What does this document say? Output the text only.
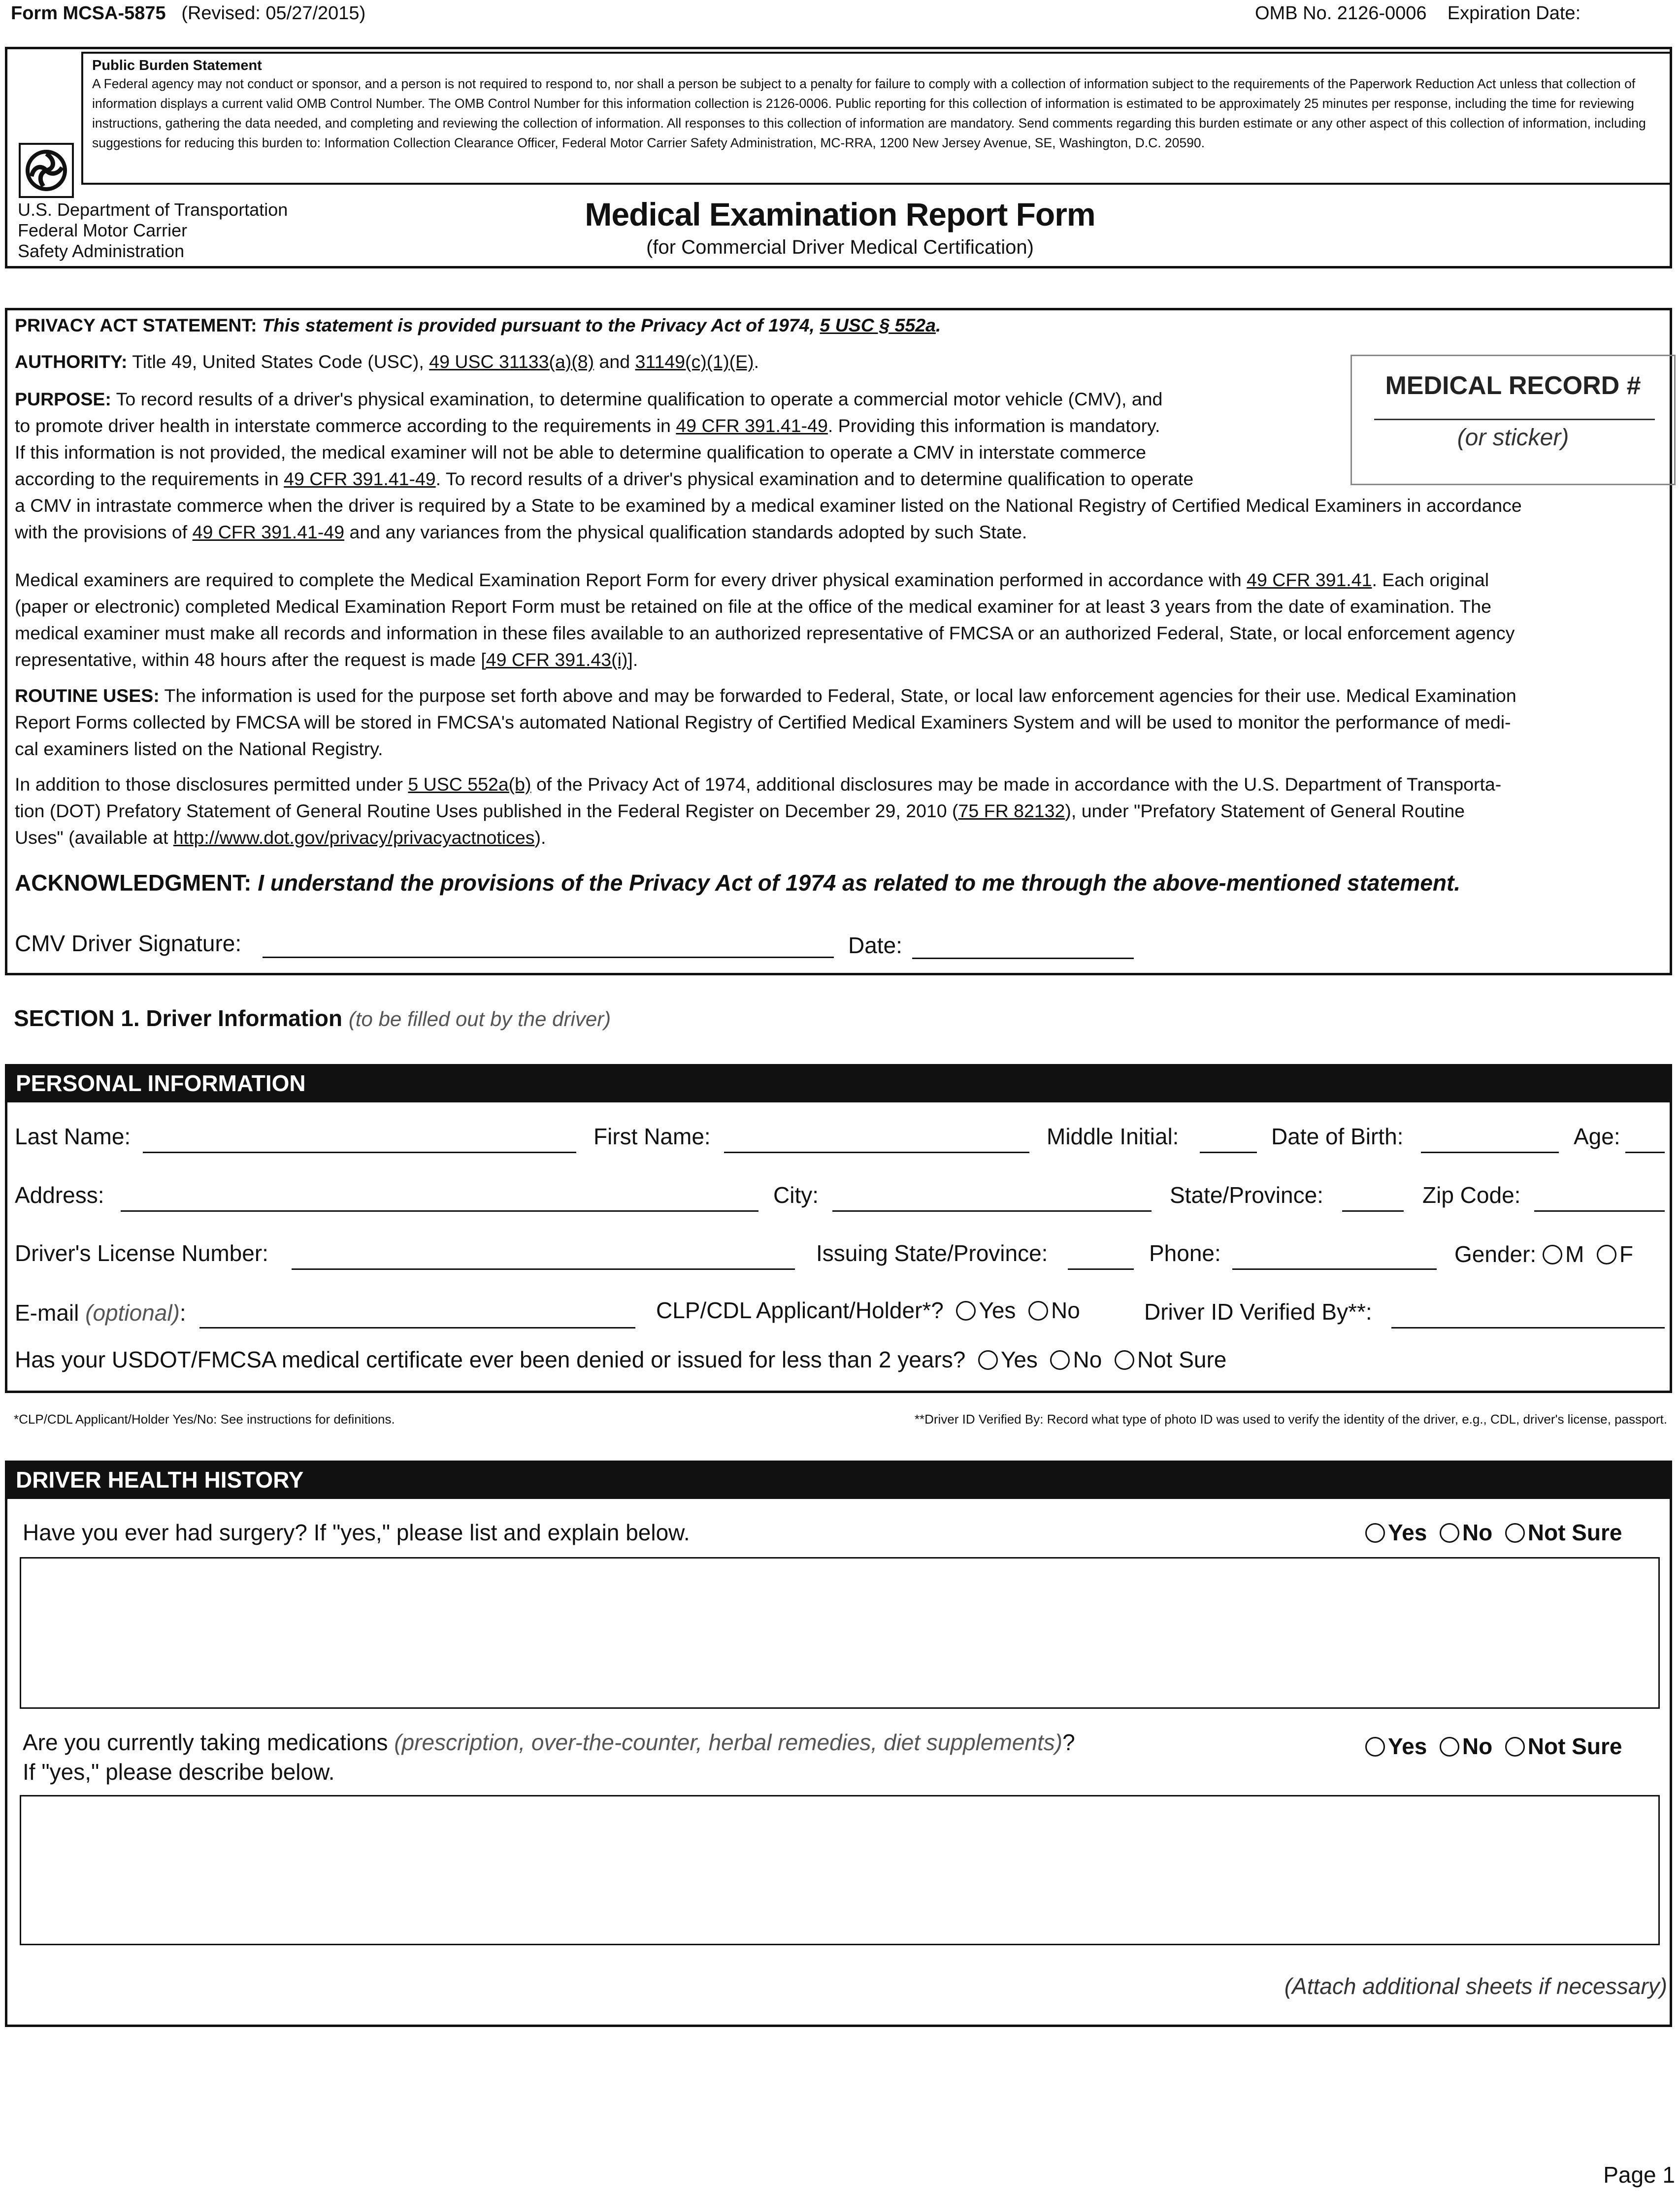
Form MCSA-5875 (Revised: 05/27/2015)	OMB No. 2126-0006 Expiration Date:
Public Burden Statement
A Federal agency may not conduct or sponsor, and a person is not required to respond to, nor shall a person be subject to a penalty for failure to comply with a collection of information subject to the requirements of the Paperwork Reduction Act unless that collection of information displays a current valid OMB Control Number. The OMB Control Number for this information collection is 2126-0006. Public reporting for this collection of information is estimated to be approximately 25 minutes per response, including the time for reviewing instructions, gathering the data needed, and completing and reviewing the collection of information. All responses to this collection of information are mandatory. Send comments regarding this burden estimate or any other aspect of this collection of information, including suggestions for reducing this burden to: Information Collection Clearance Officer, Federal Motor Carrier Safety Administration, MC-RRA, 1200 New Jersey Avenue, SE, Washington, D.C. 20590.
U.S. Department of Transportation
Federal Motor Carrier
Safety Administration
Medical Examination Report Form
(for Commercial Driver Medical Certification)
PRIVACY ACT STATEMENT: This statement is provided pursuant to the Privacy Act of 1974, 5 USC § 552a.
AUTHORITY: Title 49, United States Code (USC), 49 USC 31133(a)(8) and 31149(c)(1)(E).
PURPOSE: To record results of a driver's physical examination, to determine qualification to operate a commercial motor vehicle (CMV), and
to promote driver health in interstate commerce according to the requirements in 49 CFR 391.41-49. Providing this information is mandatory.
If this information is not provided, the medical examiner will not be able to determine qualification to operate a CMV in interstate commerce
according to the requirements in 49 CFR 391.41-49. To record results of a driver's physical examination and to determine qualification to operate
a CMV in intrastate commerce when the driver is required by a State to be examined by a medical examiner listed on the National Registry of Certified Medical Examiners in accordance
with the provisions of 49 CFR 391.41-49 and any variances from the physical qualification standards adopted by such State.
Medical examiners are required to complete the Medical Examination Report Form for every driver physical examination performed in accordance with 49 CFR 391.41. Each original
(paper or electronic) completed Medical Examination Report Form must be retained on file at the office of the medical examiner for at least 3 years from the date of examination. The
medical examiner must make all records and information in these files available to an authorized representative of FMCSA or an authorized Federal, State, or local enforcement agency
representative, within 48 hours after the request is made [49 CFR 391.43(i)].
ROUTINE USES: The information is used for the purpose set forth above and may be forwarded to Federal, State, or local law enforcement agencies for their use. Medical Examination
Report Forms collected by FMCSA will be stored in FMCSA's automated National Registry of Certified Medical Examiners System and will be used to monitor the performance of medi-
cal examiners listed on the National Registry.
In addition to those disclosures permitted under 5 USC 552a(b) of the Privacy Act of 1974, additional disclosures may be made in accordance with the U.S. Department of Transporta-
tion (DOT) Prefatory Statement of General Routine Uses published in the Federal Register on December 29, 2010 (75 FR 82132), under "Prefatory Statement of General Routine
Uses" (available at http://www.dot.gov/privacy/privacyactnotices).
ACKNOWLEDGMENT: I understand the provisions of the Privacy Act of 1974 as related to me through the above-mentioned statement.
CMV Driver Signature:	Date:
MEDICAL RECORD #
(or sticker)
SECTION 1. Driver Information (to be filled out by the driver)
PERSONAL INFORMATION
Last Name:	First Name:	Middle Initial:	Date of Birth:	Age:
Address:	City:	State/Province:	Zip Code:
Driver's License Number:	Issuing State/Province:	Phone:	Gender: M F
E-mail (optional):	CLP/CDL Applicant/Holder*? Yes No	Driver ID Verified By**:
Has your USDOT/FMCSA medical certificate ever been denied or issued for less than 2 years? Yes No Not Sure
*CLP/CDL Applicant/Holder Yes/No: See instructions for definitions.	**Driver ID Verified By: Record what type of photo ID was used to verify the identity of the driver, e.g., CDL, driver's license, passport.
DRIVER HEALTH HISTORY
Have you ever had surgery? If "yes," please list and explain below.	Yes No Not Sure
Are you currently taking medications (prescription, over-the-counter, herbal remedies, diet supplements)?
If "yes," please describe below.
Yes No Not Sure
(Attach additional sheets if necessary)
Page 1
